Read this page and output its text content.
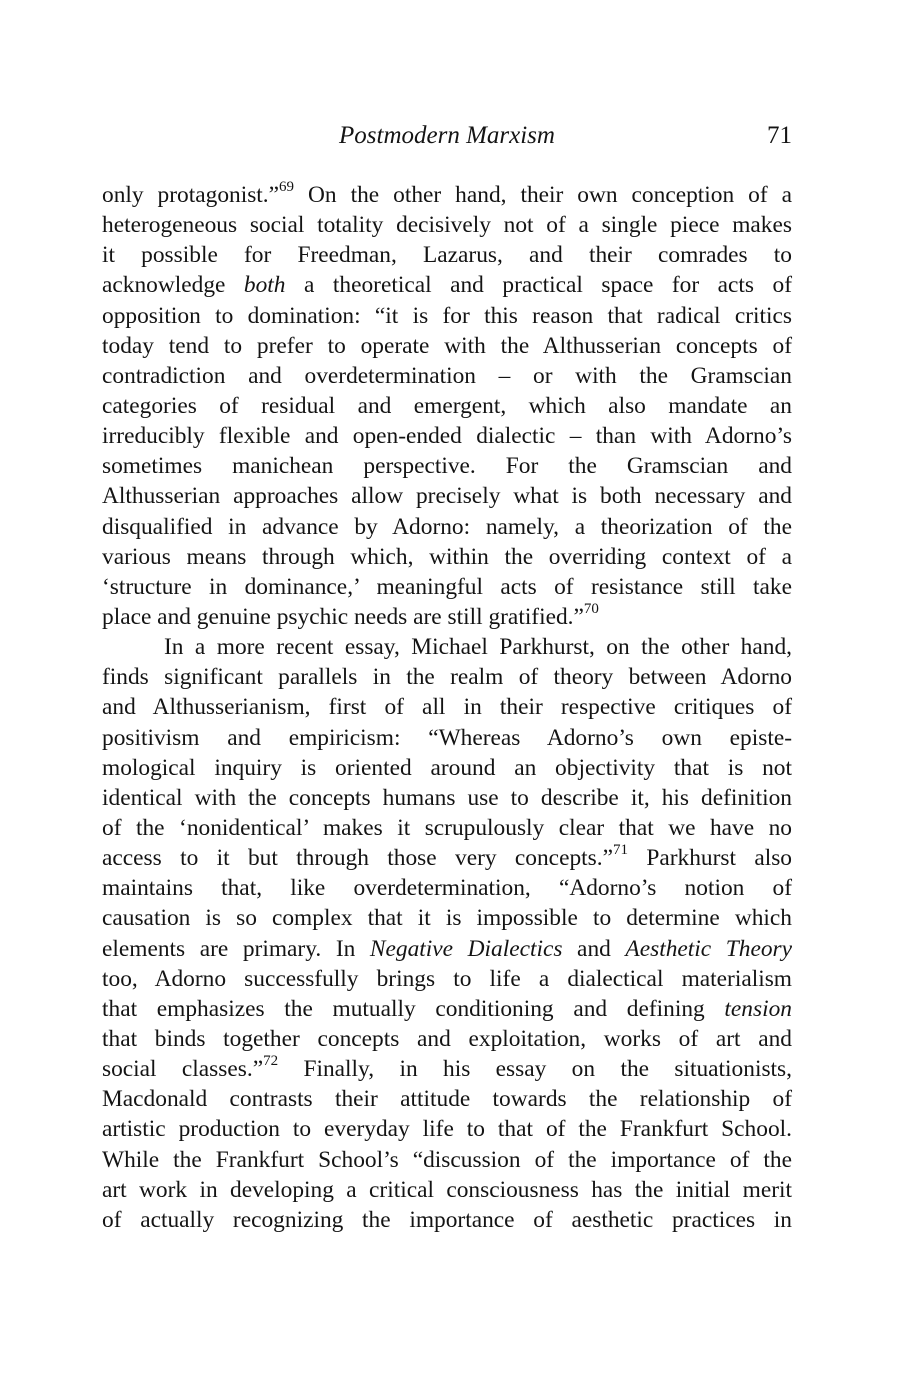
Postmodern Marxism	71
only protagonist.”$^{69}$ On the other hand, their own conception of a
heterogeneous social totality decisively not of a single piece makes
it possible for Freedman, Lazarus, and their comrades to
acknowledge both a theoretical and practical space for acts of
opposition to domination: “it is for this reason that radical critics
today tend to prefer to operate with the Althusserian concepts of
contradiction and overdetermination – or with the Gramscian
categories of residual and emergent, which also mandate an
irreducibly flexible and open-ended dialectic – than with Adorno’s
sometimes manichean perspective. For the Gramscian and
Althusserian approaches allow precisely what is both necessary and
disqualified in advance by Adorno: namely, a theorization of the
various means through which, within the overriding context of a
‘structure in dominance,’ meaningful acts of resistance still take
place and genuine psychic needs are still gratified.”$^{70}$
In a more recent essay, Michael Parkhurst, on the other hand,
finds significant parallels in the realm of theory between Adorno
and Althusserianism, first of all in their respective critiques of
positivism and empiricism: “Whereas Adorno’s own episte-
mological inquiry is oriented around an objectivity that is not
identical with the concepts humans use to describe it, his definition
of the ‘nonidentical’ makes it scrupulously clear that we have no
access to it but through those very concepts.”$^{71}$ Parkhurst also
maintains that, like overdetermination, “Adorno’s notion of
causation is so complex that it is impossible to determine which
elements are primary. In Negative Dialectics and Aesthetic Theory
too, Adorno successfully brings to life a dialectical materialism
that emphasizes the mutually conditioning and defining tension
that binds together concepts and exploitation, works of art and
social classes.”$^{72}$ Finally, in his essay on the situationists,
Macdonald contrasts their attitude towards the relationship of
artistic production to everyday life to that of the Frankfurt School.
While the Frankfurt School’s “discussion of the importance of the
art work in developing a critical consciousness has the initial merit
of actually recognizing the importance of aesthetic practices in
